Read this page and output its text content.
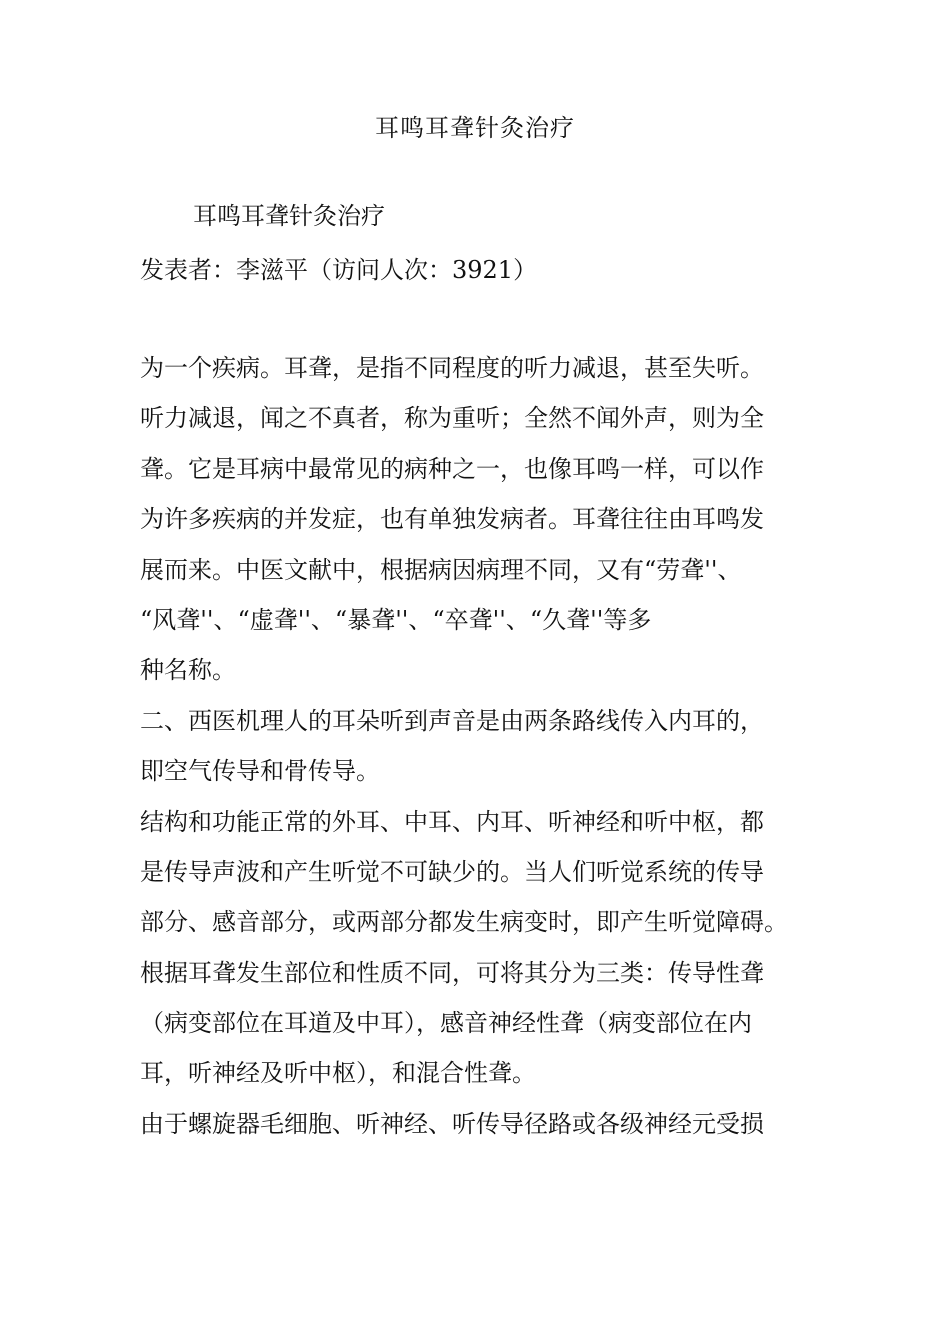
耳鸣耳聋针灸治疗
耳鸣耳聋针灸治疗
发表者：李滋平（访问人次：3921）
为一个疾病。耳聋，是指不同程度的听力减退，甚至失听。
听力减退，闻之不真者，称为重听；全然不闻外声，则为全
聋。它是耳病中最常见的病种之一，也像耳鸣一样，可以作
为许多疾病的并发症，也有单独发病者。耳聋往往由耳鸣发
展而来。中医文献中，根据病因病理不同，又有“劳聋''、
“风聋''、“虚聋''、“暴聋''、“卒聋''、“久聋''等多
种名称。
二、西医机理人的耳朵听到声音是由两条路线传入内耳的，
即空气传导和骨传导。
结构和功能正常的外耳、中耳、内耳、听神经和听中枢，都
是传导声波和产生听觉不可缺少的。当人们听觉系统的传导
部分、感音部分，或两部分都发生病变时，即产生听觉障碍。
根据耳聋发生部位和性质不同，可将其分为三类：传导性聋
（病变部位在耳道及中耳），感音神经性聋（病变部位在内
耳，听神经及听中枢），和混合性聋。
由于螺旋器毛细胞、听神经、听传导径路或各级神经元受损
